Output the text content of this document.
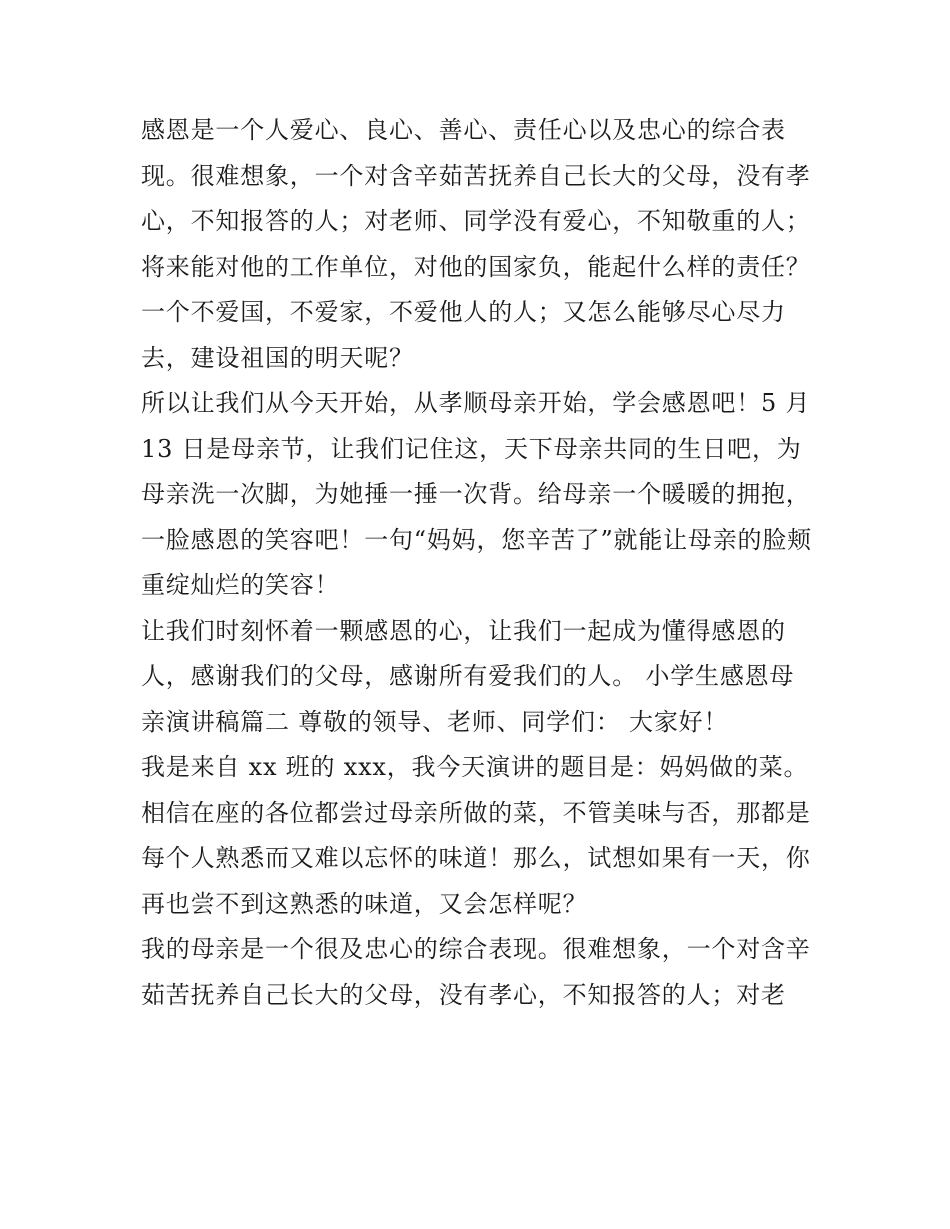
感恩是一个人爱心、良心、善心、责任心以及忠心的综合表
现。很难想象，一个对含辛茹苦抚养自己长大的父母，没有孝
心，不知报答的人；对老师、同学没有爱心，不知敬重的人；
将来能对他的工作单位，对他的国家负，能起什么样的责任？
一个不爱国，不爱家，不爱他人的人；又怎么能够尽心尽力
去，建设祖国的明天呢？
所以让我们从今天开始，从孝顺母亲开始，学会感恩吧！5 月
13 日是母亲节，让我们记住这，天下母亲共同的生日吧，为
母亲洗一次脚，为她捶一捶一次背。给母亲一个暖暖的拥抱，
一脸感恩的笑容吧！一句“妈妈，您辛苦了”就能让母亲的脸颊
重绽灿烂的笑容！
让我们时刻怀着一颗感恩的心，让我们一起成为懂得感恩的
人，感谢我们的父母，感谢所有爱我们的人。 小学生感恩母
亲演讲稿篇二 尊敬的领导、老师、同学们： 大家好！
我是来自 xx 班的 xxx，我今天演讲的题目是：妈妈做的菜。
相信在座的各位都尝过母亲所做的菜，不管美味与否，那都是
每个人熟悉而又难以忘怀的味道！那么，试想如果有一天，你
再也尝不到这熟悉的味道，又会怎样呢？
我的母亲是一个很及忠心的综合表现。很难想象，一个对含辛
茹苦抚养自己长大的父母，没有孝心，不知报答的人；对老
